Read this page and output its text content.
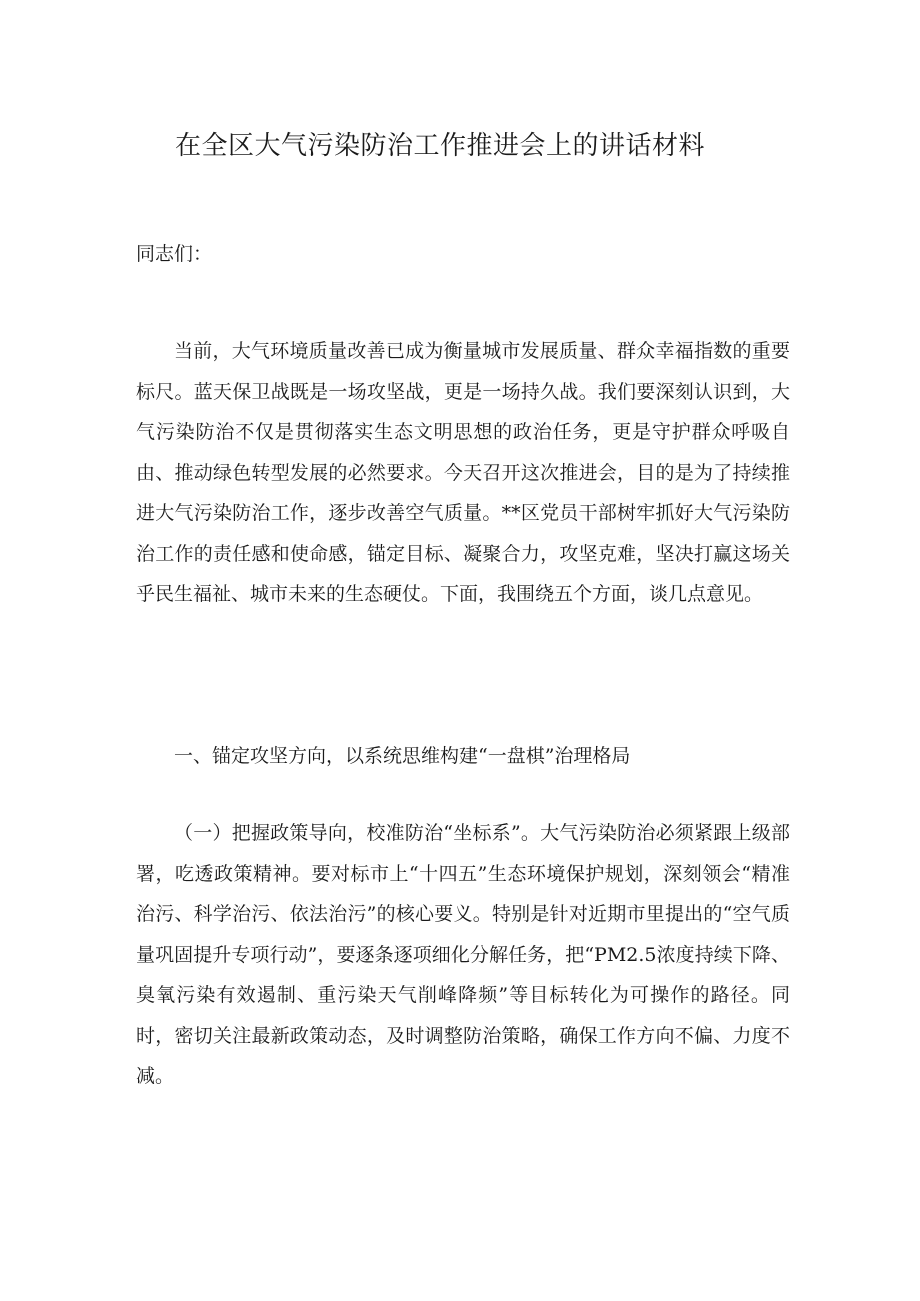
在全区大气污染防治工作推进会上的讲话材料

同志们：

当前，大气环境质量改善已成为衡量城市发展质量、群众幸福指数的重要标尺。蓝天保卫战既是一场攻坚战，更是一场持久战。我们要深刻认识到，大气污染防治不仅是贯彻落实生态文明思想的政治任务，更是守护群众呼吸自由、推动绿色转型发展的必然要求。今天召开这次推进会，目的是为了持续推进大气污染防治工作，逐步改善空气质量。**区党员干部树牢抓好大气污染防治工作的责任感和使命感，锚定目标、凝聚合力，攻坚克难，坚决打赢这场关乎民生福祉、城市未来的生态硬仗。下面，我围绕五个方面，谈几点意见。

一、锚定攻坚方向，以系统思维构建“一盘棋”治理格局

（一）把握政策导向，校准防治“坐标系”。大气污染防治必须紧跟上级部署，吃透政策精神。要对标市上“十四五”生态环境保护规划，深刻领会“精准治污、科学治污、依法治污”的核心要义。特别是针对近期市里提出的“空气质量巩固提升专项行动”，要逐条逐项细化分解任务，把“PM2.5浓度持续下降、臭氧污染有效遏制、重污染天气削峰降频”等目标转化为可操作的路径。同时，密切关注最新政策动态，及时调整防治策略，确保工作方向不偏、力度不减。
